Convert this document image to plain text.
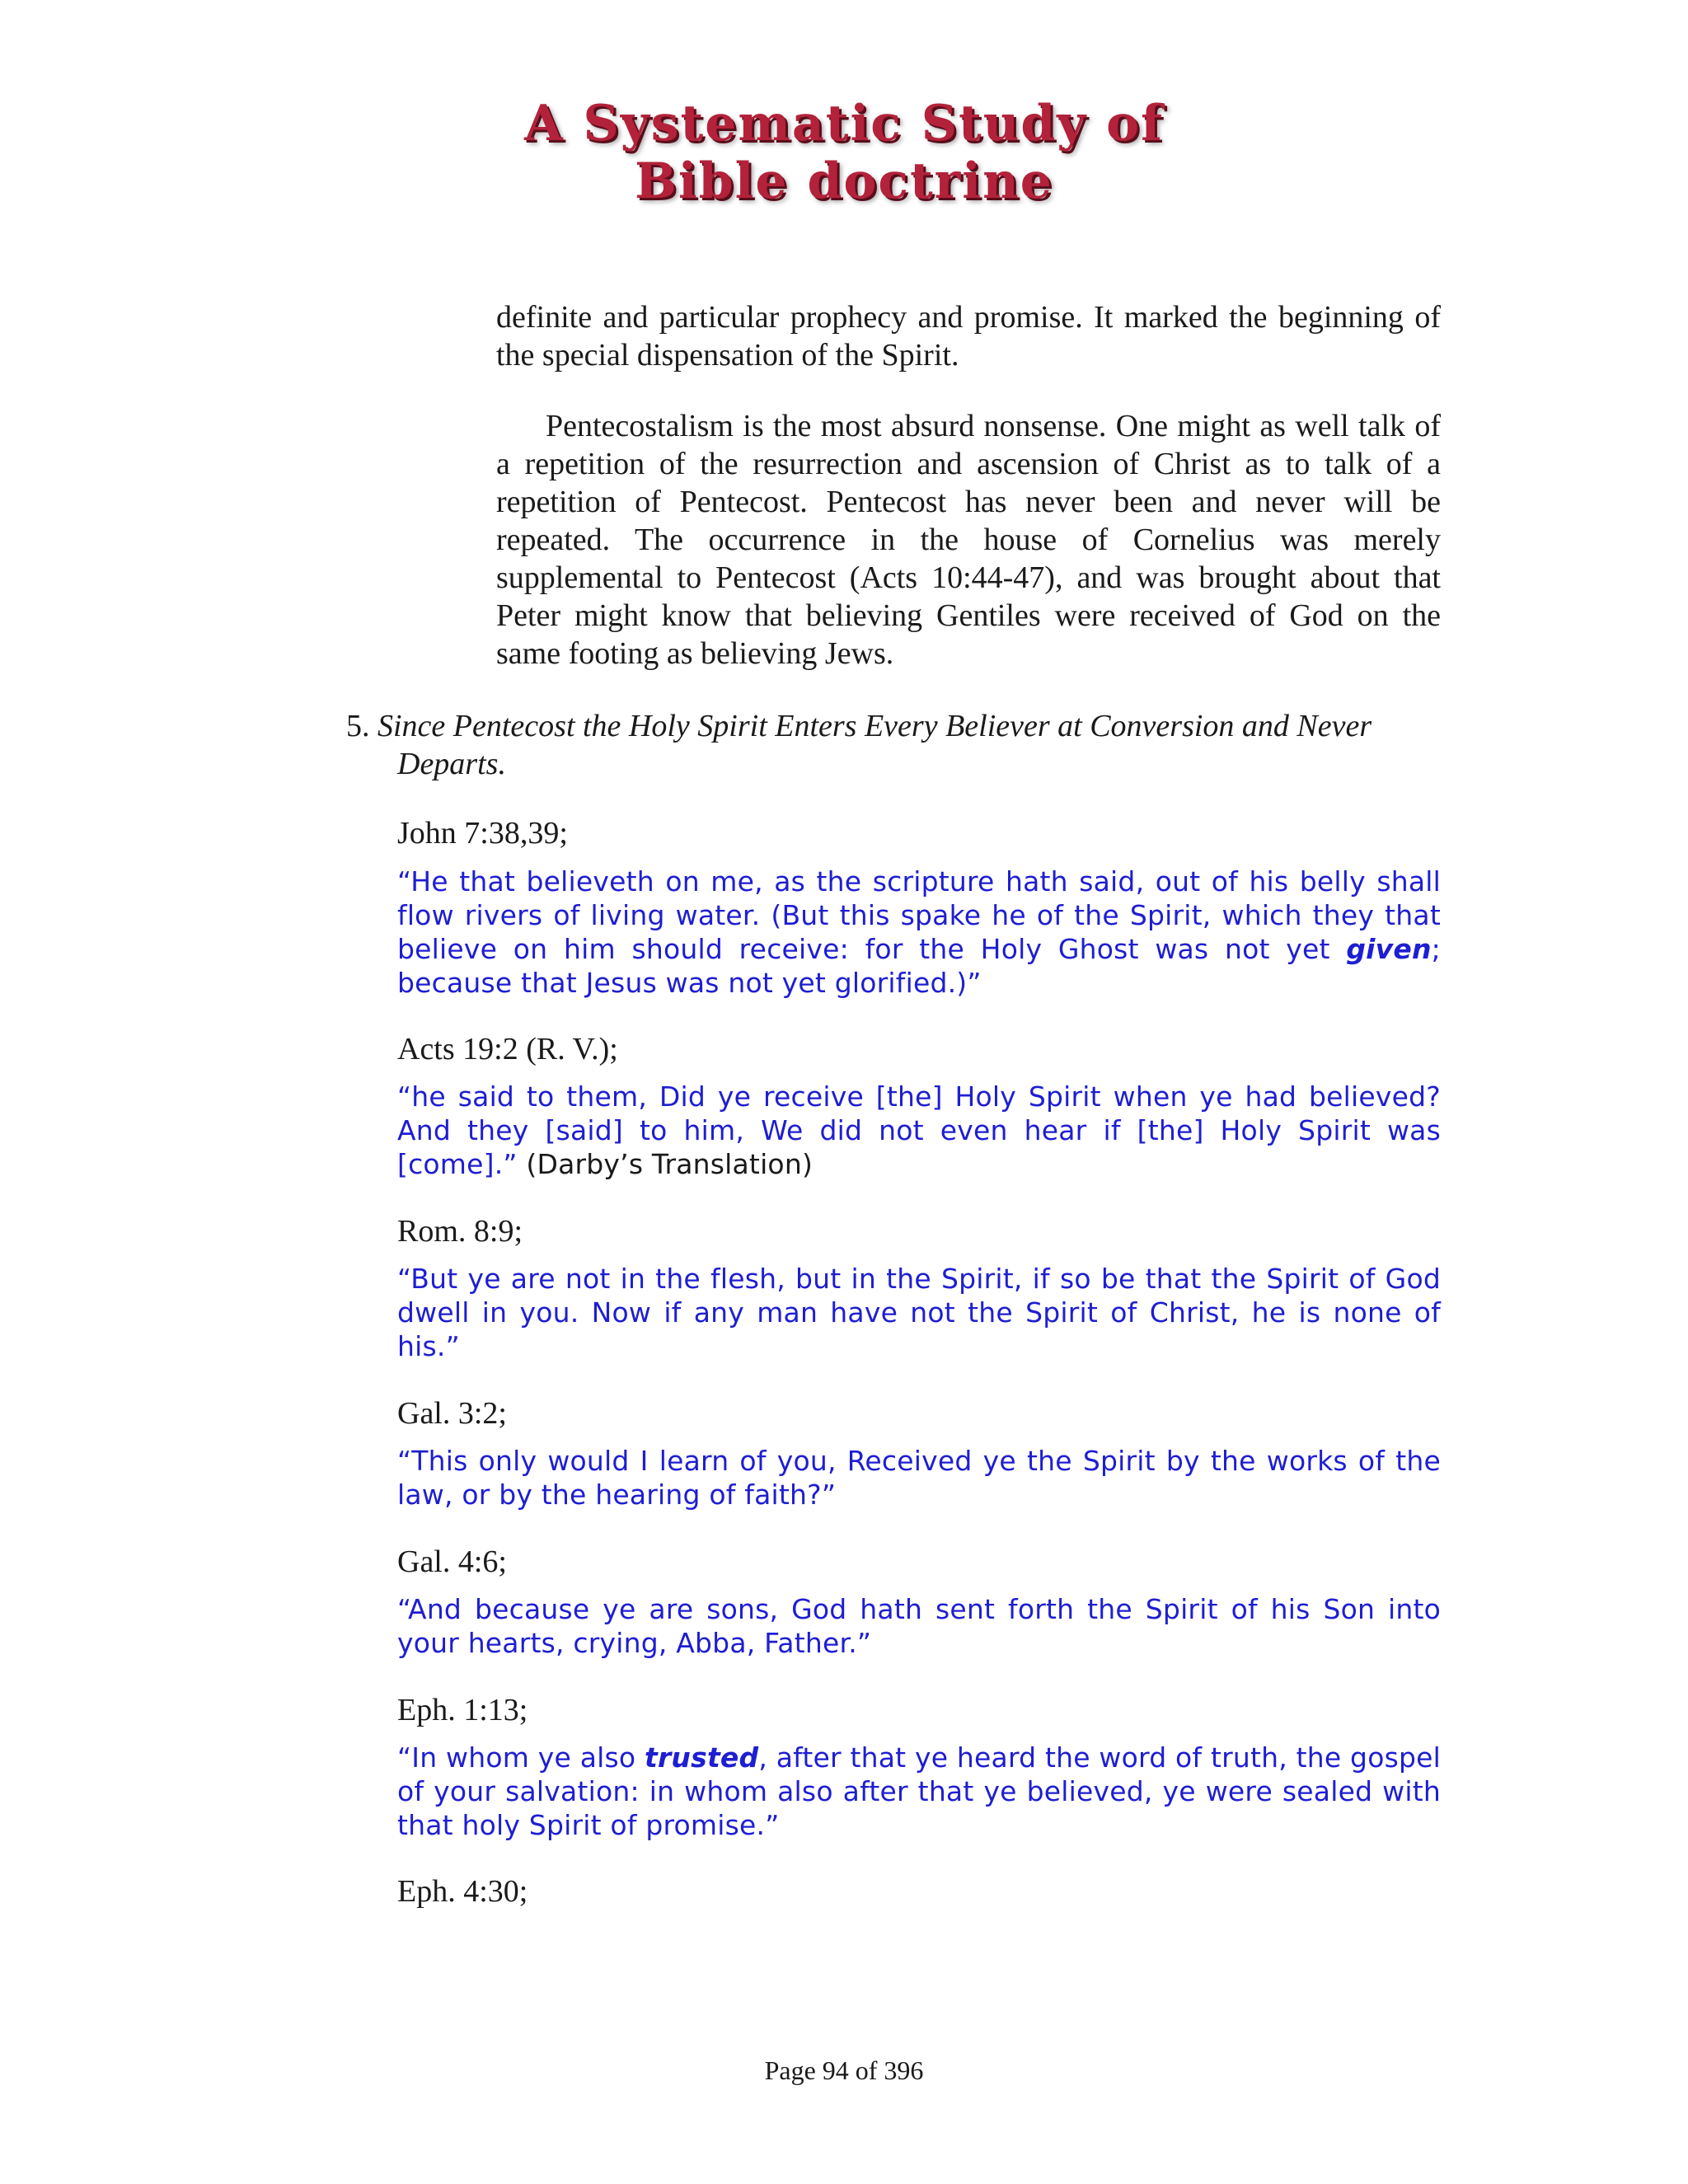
A Systematic Study of
Bible doctrine
definite and particular prophecy and promise. It marked the beginning of the special dispensation of the Spirit.
Pentecostalism is the most absurd nonsense. One might as well talk of a repetition of the resurrection and ascension of Christ as to talk of a repetition of Pentecost. Pentecost has never been and never will be repeated. The occurrence in the house of Cornelius was merely supplemental to Pentecost (Acts 10:44-47), and was brought about that Peter might know that believing Gentiles were received of God on the same footing as believing Jews.
5. Since Pentecost the Holy Spirit Enters Every Believer at Conversion and Never
Departs.
John 7:38,39;
“He that believeth on me, as the scripture hath said, out of his belly shall flow rivers of living water. (But this spake he of the Spirit, which they that believe on him should receive: for the Holy Ghost was not yet given; because that Jesus was not yet glorified.)”
Acts 19:2 (R. V.);
“he said to them, Did ye receive [the] Holy Spirit when ye had believed? And they [said] to him, We did not even hear if [the] Holy Spirit was [come].” (Darby’s Translation)
Rom. 8:9;
“But ye are not in the flesh, but in the Spirit, if so be that the Spirit of God dwell in you. Now if any man have not the Spirit of Christ, he is none of his.”
Gal. 3:2;
“This only would I learn of you, Received ye the Spirit by the works of the law, or by the hearing of faith?”
Gal. 4:6;
“And because ye are sons, God hath sent forth the Spirit of his Son into your hearts, crying, Abba, Father.”
Eph. 1:13;
“In whom ye also trusted, after that ye heard the word of truth, the gospel of your salvation: in whom also after that ye believed, ye were sealed with that holy Spirit of promise.”
Eph. 4:30;
Page 94 of 396
